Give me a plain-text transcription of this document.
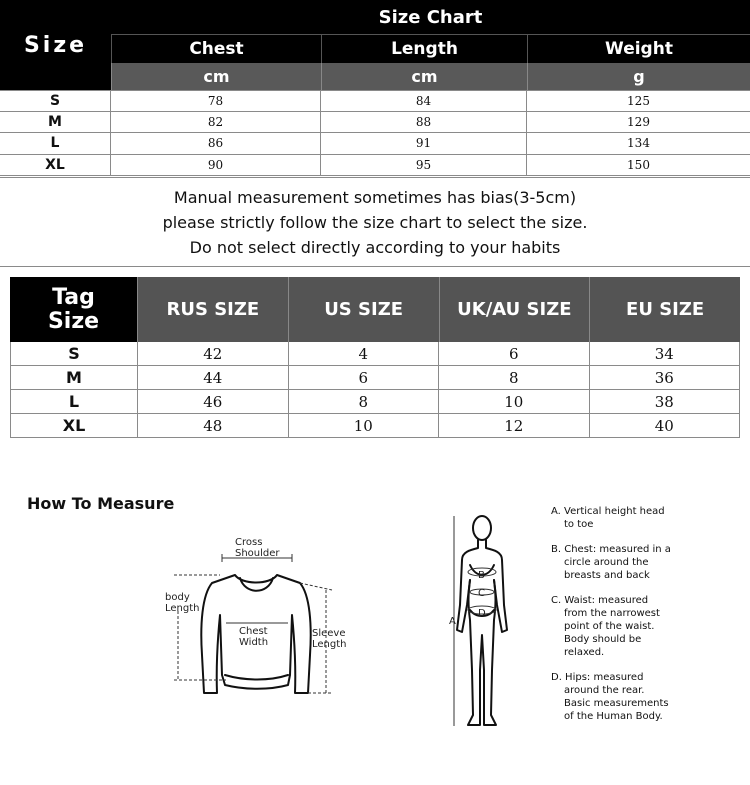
Size
Size Chart
Chest	Length	Weight
cm	cm	g
S	78	84	125
M	82	88	129
L	86	91	134
XL	90	95	150
Manual measurement sometimes has bias(3-5cm)
please strictly follow the size chart to select the size.
Do not select directly according to your habits
Tag
Size	RUS SIZE	US SIZE	UK/AU SIZE	EU SIZE
S	42	4	6	34
M	44	6	8	36
L	46	8	10	38
XL	48	10	12	40
How To Measure
Cross
Shoulder
body
Length
Chest
Width
Sleeve
Length
A
B
C
D
A. Vertical height head
to toe
B. Chest: measured in a
circle around the
breasts and back
C. Waist: measured
from the narrowest
point of the waist.
Body should be
relaxed.
D. Hips: measured
around the rear.
Basic measurements
of the Human Body.
